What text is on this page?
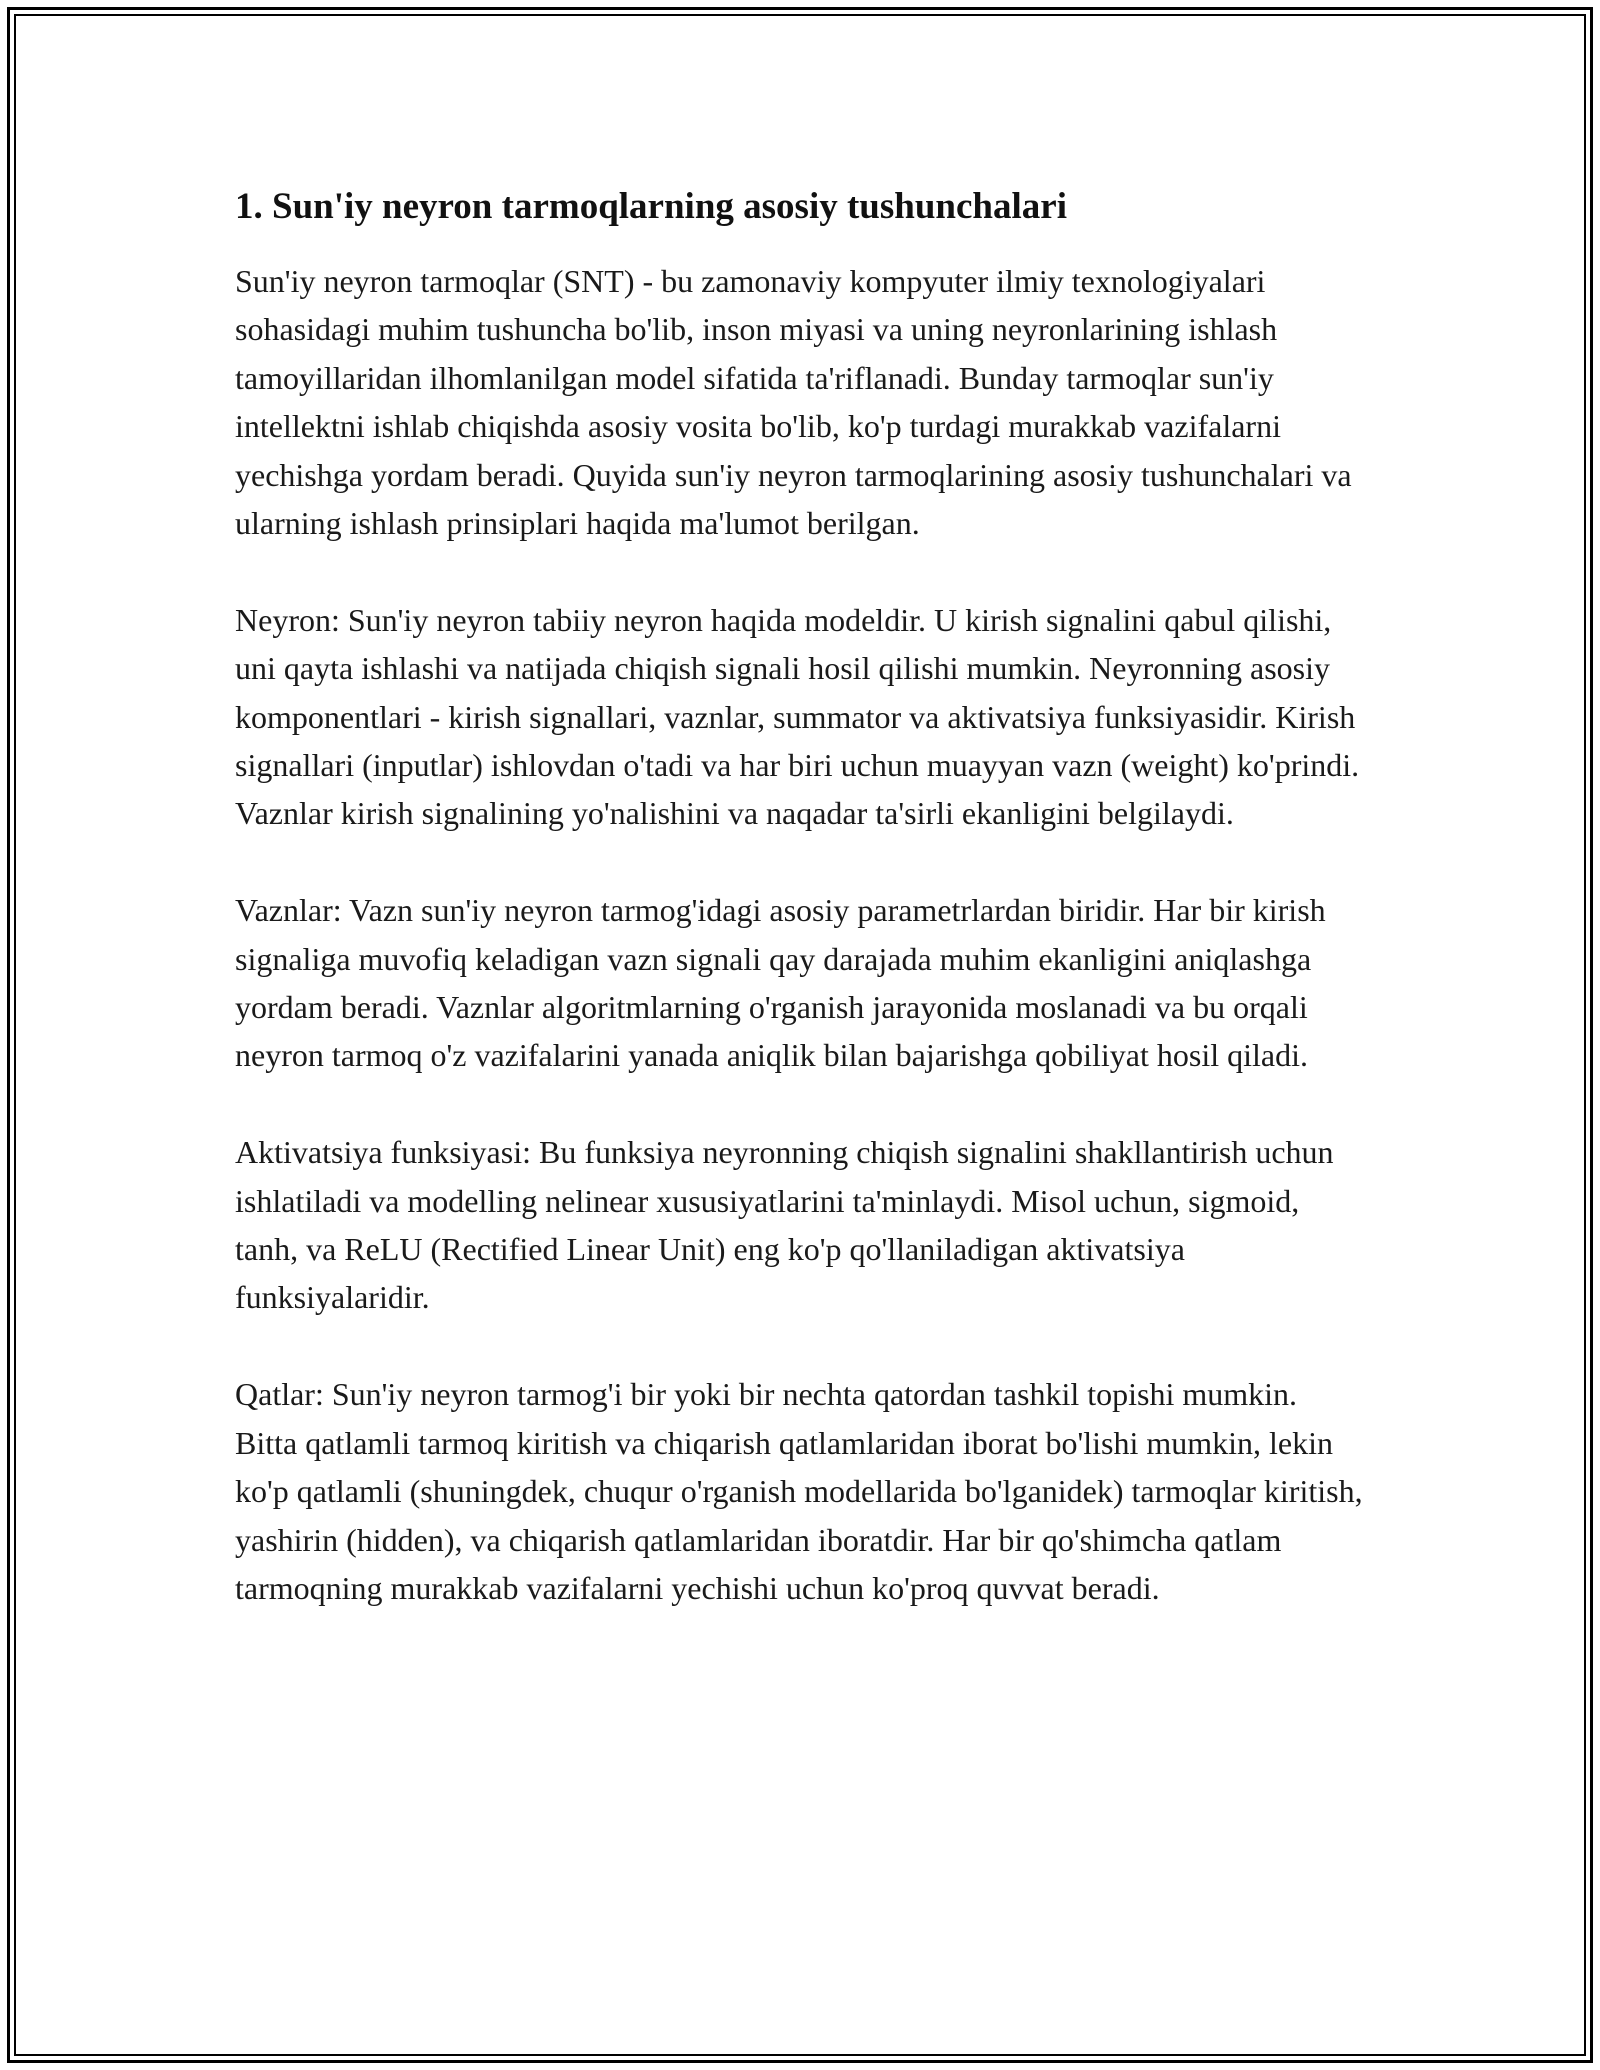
1. Sun'iy neyron tarmoqlarning asosiy tushunchalari

Sun'iy neyron tarmoqlar (SNT) - bu zamonaviy kompyuter ilmiy texnologiyalari sohasidagi muhim tushuncha bo'lib, inson miyasi va uning neyronlarining ishlash tamoyillaridan ilhomlanilgan model sifatida ta'riflanadi. Bunday tarmoqlar sun'iy intellektni ishlab chiqishda asosiy vosita bo'lib, ko'p turdagi murakkab vazifalarni yechishga yordam beradi. Quyida sun'iy neyron tarmoqlarining asosiy tushunchalari va ularning ishlash prinsiplari haqida ma'lumot berilgan.

Neyron: Sun'iy neyron tabiiy neyron haqida modeldir. U kirish signalini qabul qilishi, uni qayta ishlashi va natijada chiqish signali hosil qilishi mumkin. Neyronning asosiy komponentlari - kirish signallari, vaznlar, summator va aktivatsiya funksiyasidir. Kirish signallari (inputlar) ishlovdan o'tadi va har biri uchun muayyan vazn (weight) ko'prindi. Vaznlar kirish signalining yo'nalishini va naqadar ta'sirli ekanligini belgilaydi.

Vaznlar: Vazn sun'iy neyron tarmog'idagi asosiy parametrlardan biridir. Har bir kirish signaliga muvofiq keladigan vazn signali qay darajada muhim ekanligini aniqlashga yordam beradi. Vaznlar algoritmlarning o'rganish jarayonida moslanadi va bu orqali neyron tarmoq o'z vazifalarini yanada aniqlik bilan bajarishga qobiliyat hosil qiladi.

Aktivatsiya funksiyasi: Bu funksiya neyronning chiqish signalini shakllantirish uchun ishlatiladi va modelling nelinear xususiyatlarini ta'minlaydi. Misol uchun, sigmoid, tanh, va ReLU (Rectified Linear Unit) eng ko'p qo'llaniladigan aktivatsiya funksiyalaridir.

Qatlar: Sun'iy neyron tarmog'i bir yoki bir nechta qatordan tashkil topishi mumkin. Bitta qatlamli tarmoq kiritish va chiqarish qatlamlaridan iborat bo'lishi mumkin, lekin ko'p qatlamli (shuningdek, chuqur o'rganish modellarida bo'lganidek) tarmoqlar kiritish, yashirin (hidden), va chiqarish qatlamlaridan iboratdir. Har bir qo'shimcha qatlam tarmoqning murakkab vazifalarni yechishi uchun ko'proq quvvat beradi.
